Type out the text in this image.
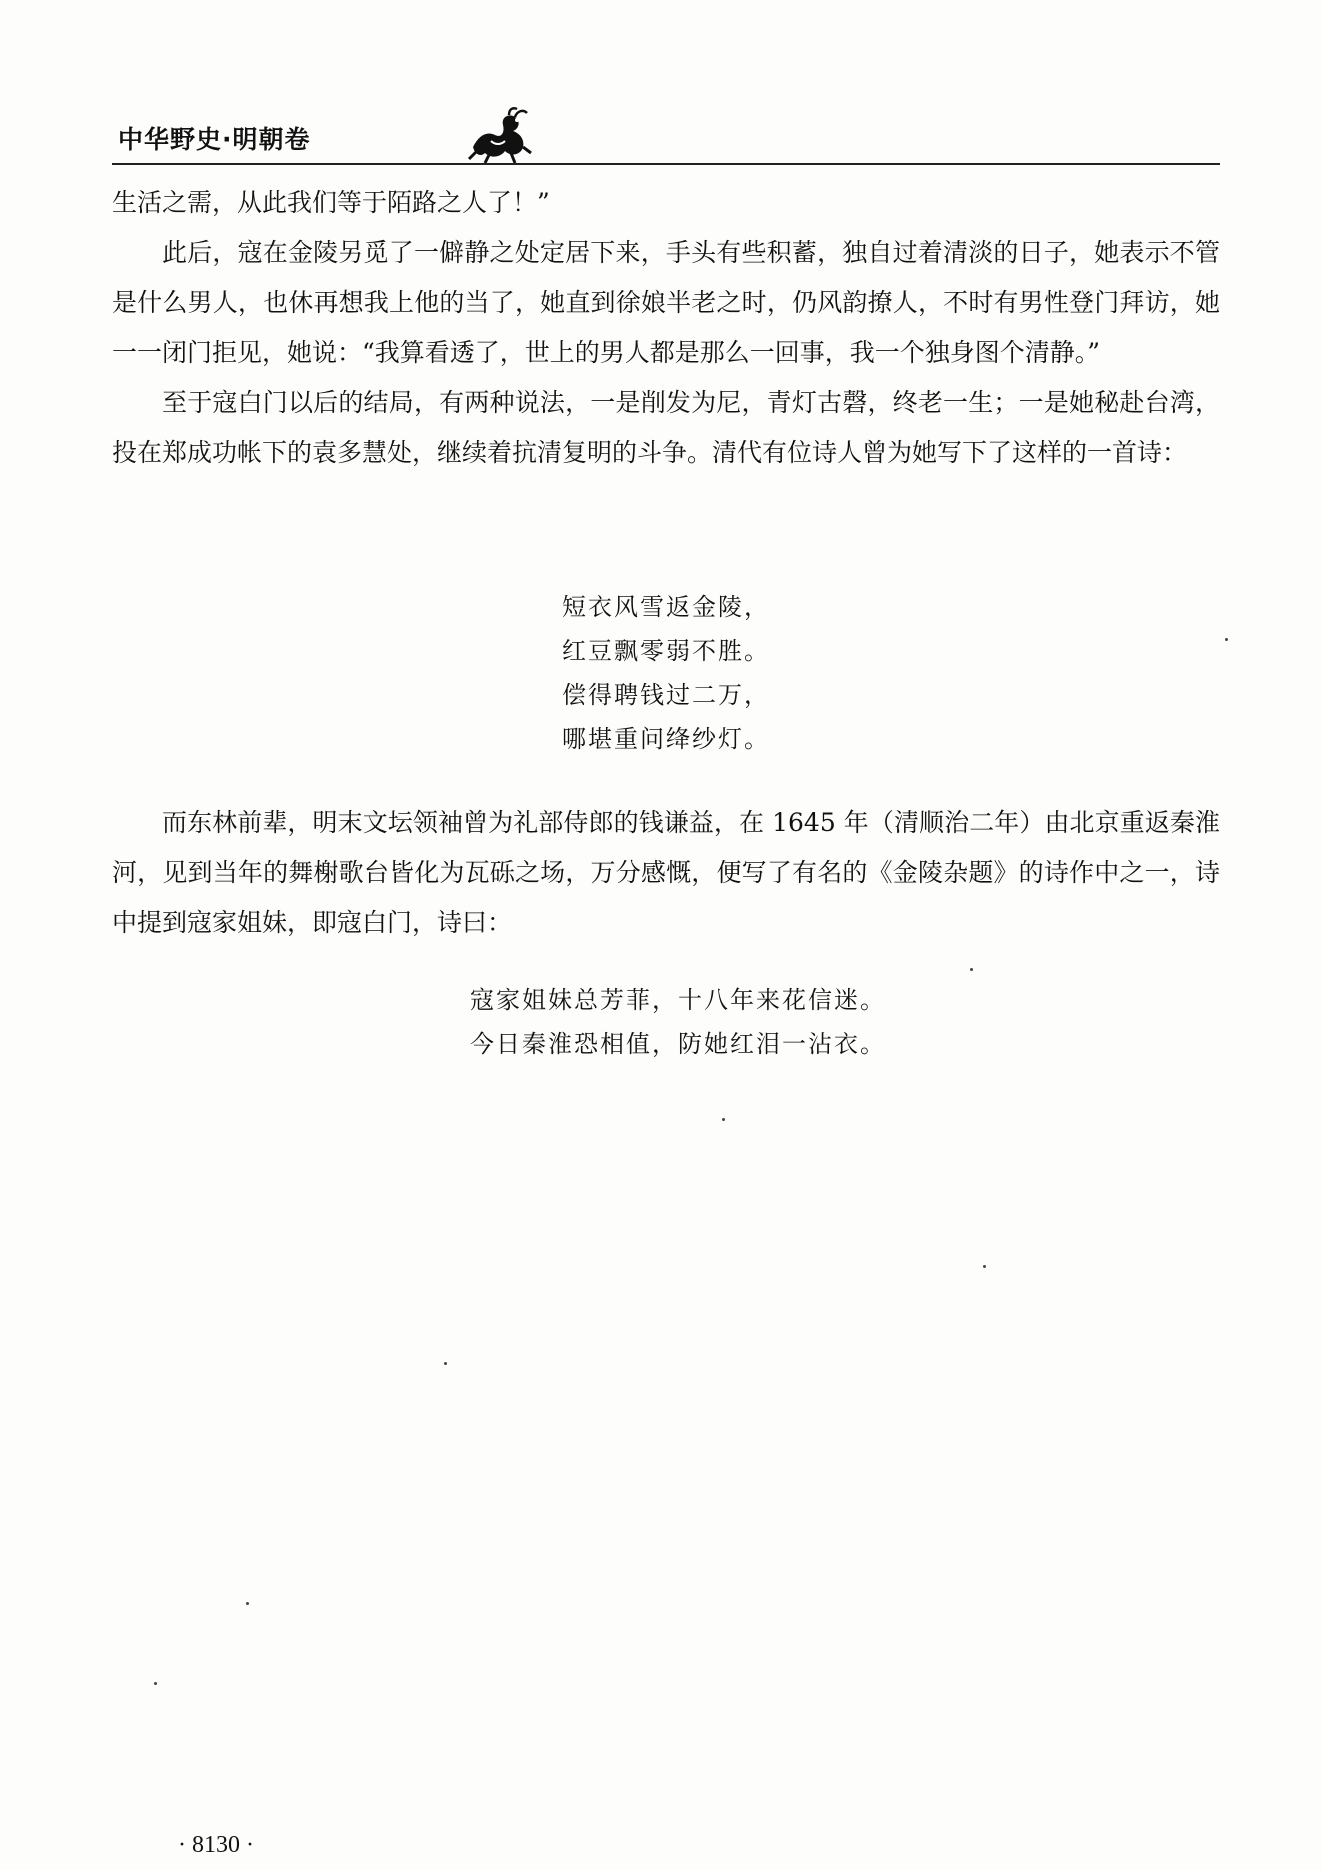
中华野史·明朝卷

生活之需，从此我们等于陌路之人了！”

此后，寇在金陵另觅了一僻静之处定居下来，手头有些积蓄，独自过着清淡的日子，她表示不管是什么男人，也休再想我上他的当了，她直到徐娘半老之时，仍风韵撩人，不时有男性登门拜访，她一一闭门拒见，她说：“我算看透了，世上的男人都是那么一回事，我一个独身图个清静。”

至于寇白门以后的结局，有两种说法，一是削发为尼，青灯古磬，终老一生；一是她秘赴台湾，投在郑成功帐下的袁多慧处，继续着抗清复明的斗争。清代有位诗人曾为她写下了这样的一首诗：

短衣风雪返金陵，
红豆飘零弱不胜。
偿得聘钱过二万，
哪堪重问绛纱灯。

而东林前辈，明末文坛领袖曾为礼部侍郎的钱谦益，在 1645 年（清顺治二年）由北京重返秦淮河，见到当年的舞榭歌台皆化为瓦砾之场，万分感慨，便写了有名的《金陵杂题》的诗作中之一，诗中提到寇家姐妹，即寇白门，诗曰：

寇家姐妹总芳菲，十八年来花信迷。
今日秦淮恐相值，防她红泪一沾衣。
· 8130 ·
